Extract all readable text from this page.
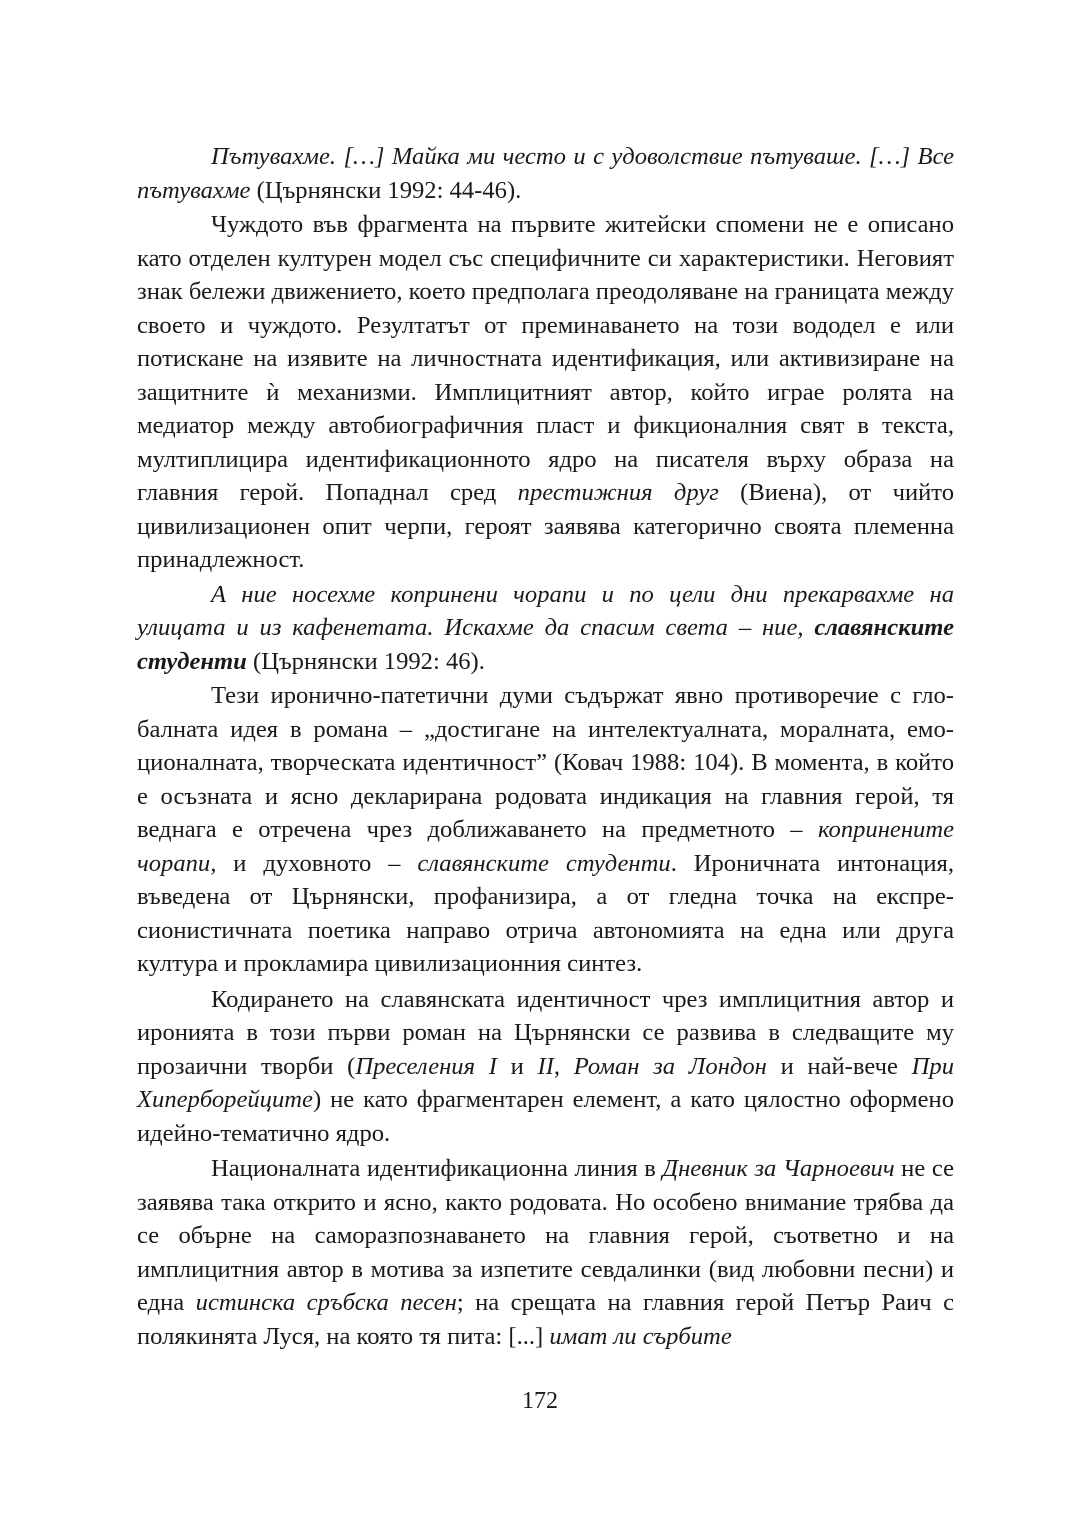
Пътувахме. […] Майка ми често и с удоволствие пътуваше. […] Все пътувахме (Църнянски 1992: 44-46).

Чуждото във фрагмента на първите житейски спомени не е описано като отделен културен модел със специфичните си характеристики. Неговият знак бележи движението, което предполага преодоляване на границата между своето и чуждото. Резултатът от преминаването на този вододел е или потискане на изявите на личностната идентификация, или активизиране на защитните ѝ механизми. Имплицитният автор, който играе ролята на медиатор между автобиографичния пласт и фикционалния свят в текста, мултиплицира идентификационното ядро на писателя върху образа на главния герой. Попаднал сред престижния друг (Виена), от чийто цивилизационен опит черпи, героят заявява категорично своята племенна принадлежност.

А ние носехме копринени чорапи и по цели дни прекарвахме на улицата и из кафенетата. Искахме да спасим света – ние, славянските студенти (Църнянски 1992: 46).

Тези иронично-патетични думи съдържат явно противоречие с глобалната идея в романа – „достигане на интелектуалната, моралната, емоционалната, творческата идентичност” (Ковач 1988: 104). В момента, в който е осъзната и ясно декларирана родовата индикация на главния герой, тя веднага е отречена чрез доближаването на предметното – копринените чорапи, и духовното – славянските студенти. Ироничната интонация, въведена от Църнянски, профанизира, а от гледна точка на експресионистичната поетика направо отрича автономията на една или друга култура и прокламира цивилизационния синтез.

Кодирането на славянската идентичност чрез имплицитния автор и иронията в този първи роман на Църнянски се развива в следващите му прозаични творби (Преселения I и II, Роман за Лондон и най-вече При Хиперборейците) не като фрагментарен елемент, а като цялостно оформено идейно-тематично ядро.

Националната идентификационна линия в Дневник за Чарноевич не се заявява така открито и ясно, както родовата. Но особено внимание трябва да се обърне на саморазпознаването на главния герой, съответно и на имплицитния автор в мотива за изпетите севдалинки (вид любовни песни) и една истинска сръбска песен; на срещата на главния герой Петър Раич с полякинята Луся, на която тя пита: [...] имат ли сърбите

172
